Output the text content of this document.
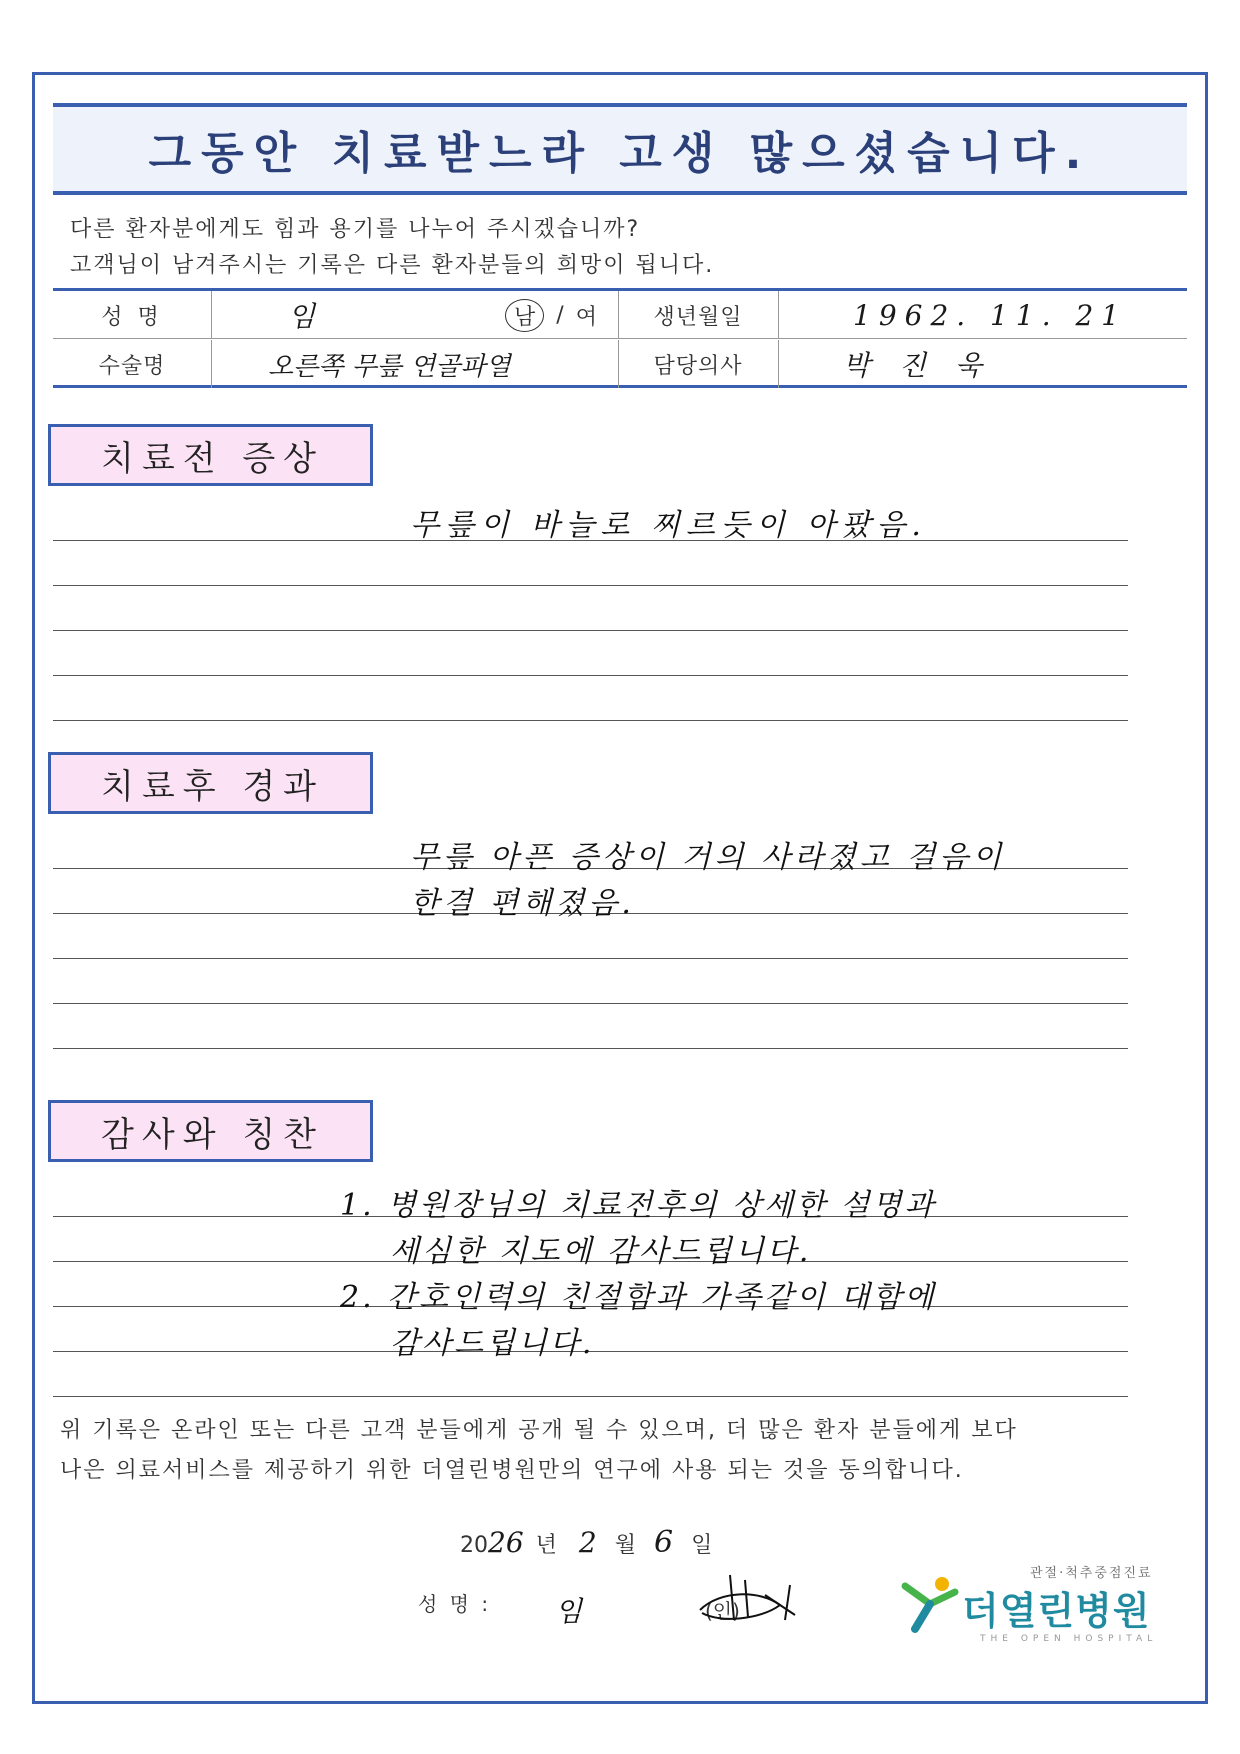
그동안 치료받느라 고생 많으셨습니다.
다른 환자분에게도 힘과 용기를 나누어 주시겠습니까?
고객님이 남겨주시는 기록은 다른 환자분들의 희망이 됩니다.
성 명	임	남 / 여	생년월일	1962. 11. 21
수술명	오른쪽 무릎 연골파열	담당의사	박 진 욱
치료전 증상
무릎이 바늘로 찌르듯이 아팠음.
치료후 경과
무릎 아픈 증상이 거의 사라졌고 걸음이
한결 편해졌음.
감사와 칭찬
1. 병원장님의 치료전후의 상세한 설명과
세심한 지도에 감사드립니다.
2. 간호인력의 친절함과 가족같이 대함에
감사드립니다.
위 기록은 온라인 또는 다른 고객 분들에게 공개 될 수 있으며, 더 많은 환자 분들에게 보다
나은 의료서비스를 제공하기 위한 더열린병원만의 연구에 사용 되는 것을 동의합니다.
2026 년 2 월 6 일
성 명 : 임	(인)
관절·척추중점진료
더열린병원
THE OPEN HOSPITAL
